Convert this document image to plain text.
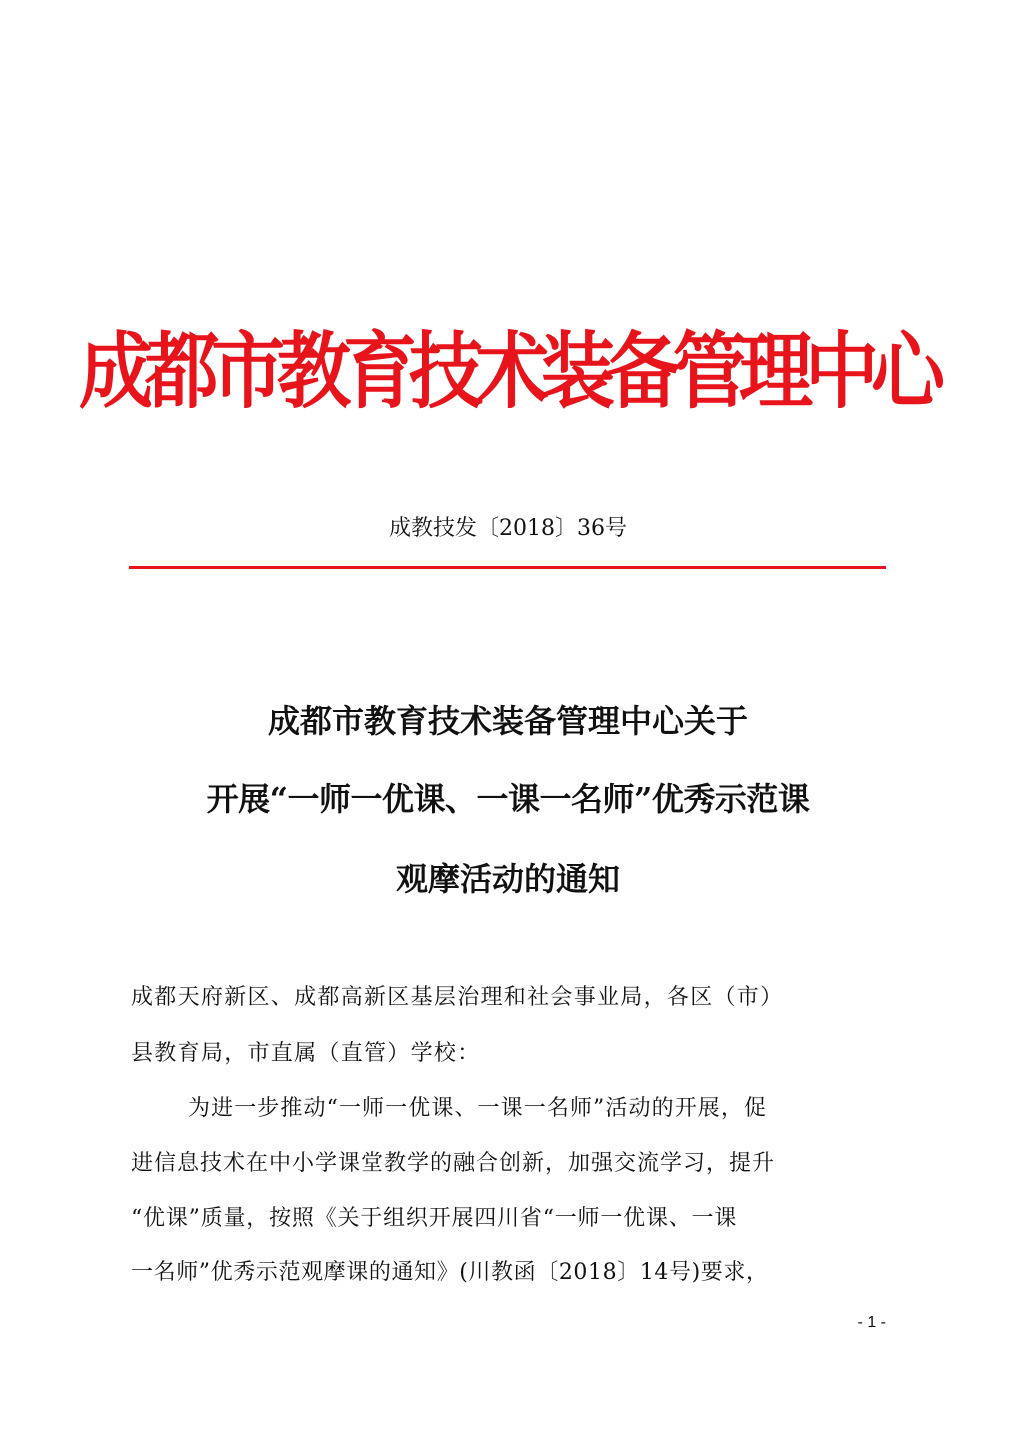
成都市教育技术装备管理中心
成教技发〔2018〕36号
成都市教育技术装备管理中心关于
开展“一师一优课、一课一名师”优秀示范课
观摩活动的通知
成都天府新区、成都高新区基层治理和社会事业局，各区（市）
县教育局，市直属（直管）学校：
为进一步推动“一师一优课、一课一名师”活动的开展，促
进信息技术在中小学课堂教学的融合创新，加强交流学习，提升
“优课”质量，按照《关于组织开展四川省“一师一优课、一课
一名师”优秀示范观摩课的通知》(川教函〔2018〕14号)要求，
- 1 -
